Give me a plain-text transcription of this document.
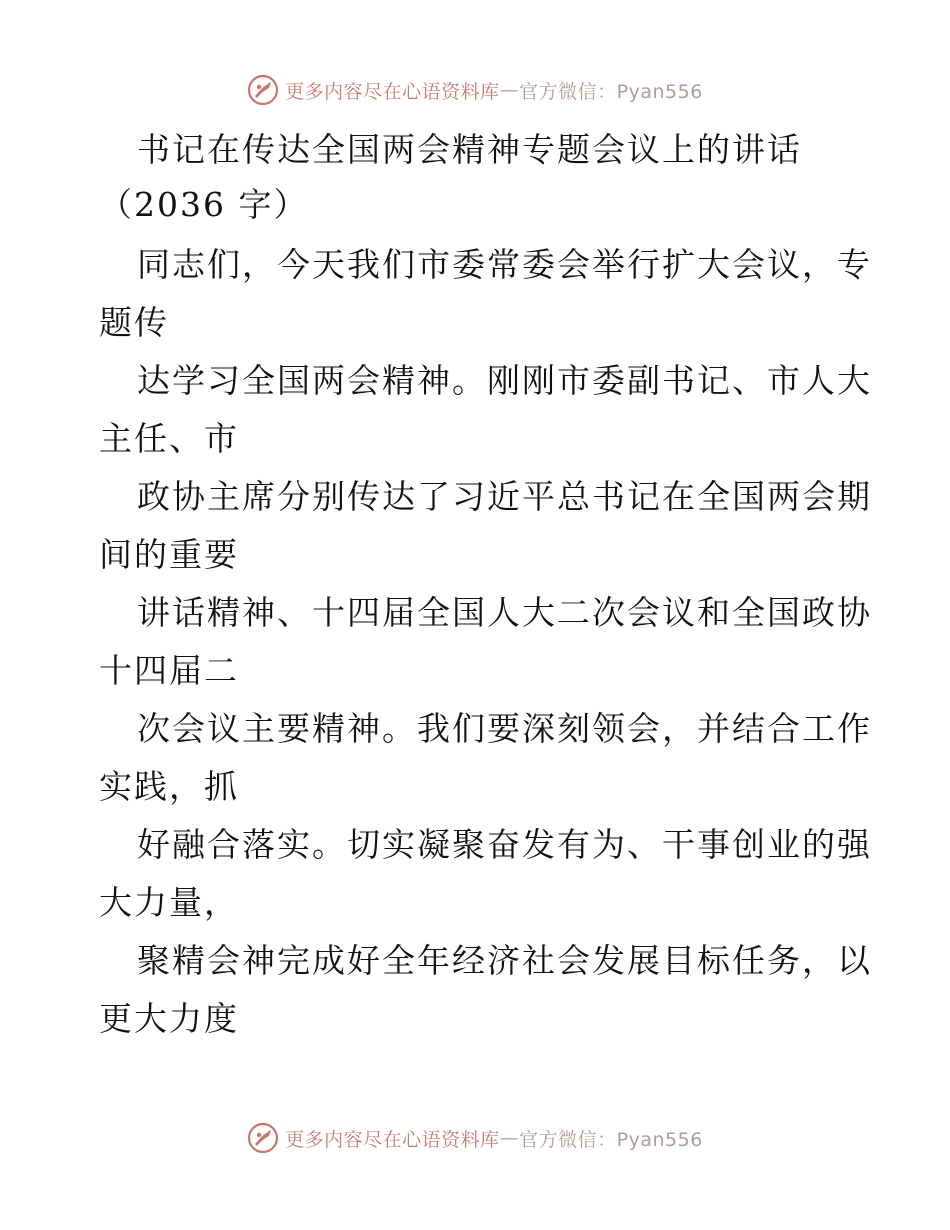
更多内容尽在心语资料库 — 官方微信：Pyan556
书记在传达全国两会精神专题会议上的讲话
（2036 字）
同志们，今天我们市委常委会举行扩大会议，专
题传
达学习全国两会精神。刚刚市委副书记、市人大
主任、市
政协主席分别传达了习近平总书记在全国两会期
间的重要
讲话精神、十四届全国人大二次会议和全国政协
十四届二
次会议主要精神。我们要深刻领会，并结合工作
实践，抓
好融合落实。切实凝聚奋发有为、干事创业的强
大力量，
聚精会神完成好全年经济社会发展目标任务，以
更大力度
更多内容尽在心语资料库 — 官方微信：Pyan556
